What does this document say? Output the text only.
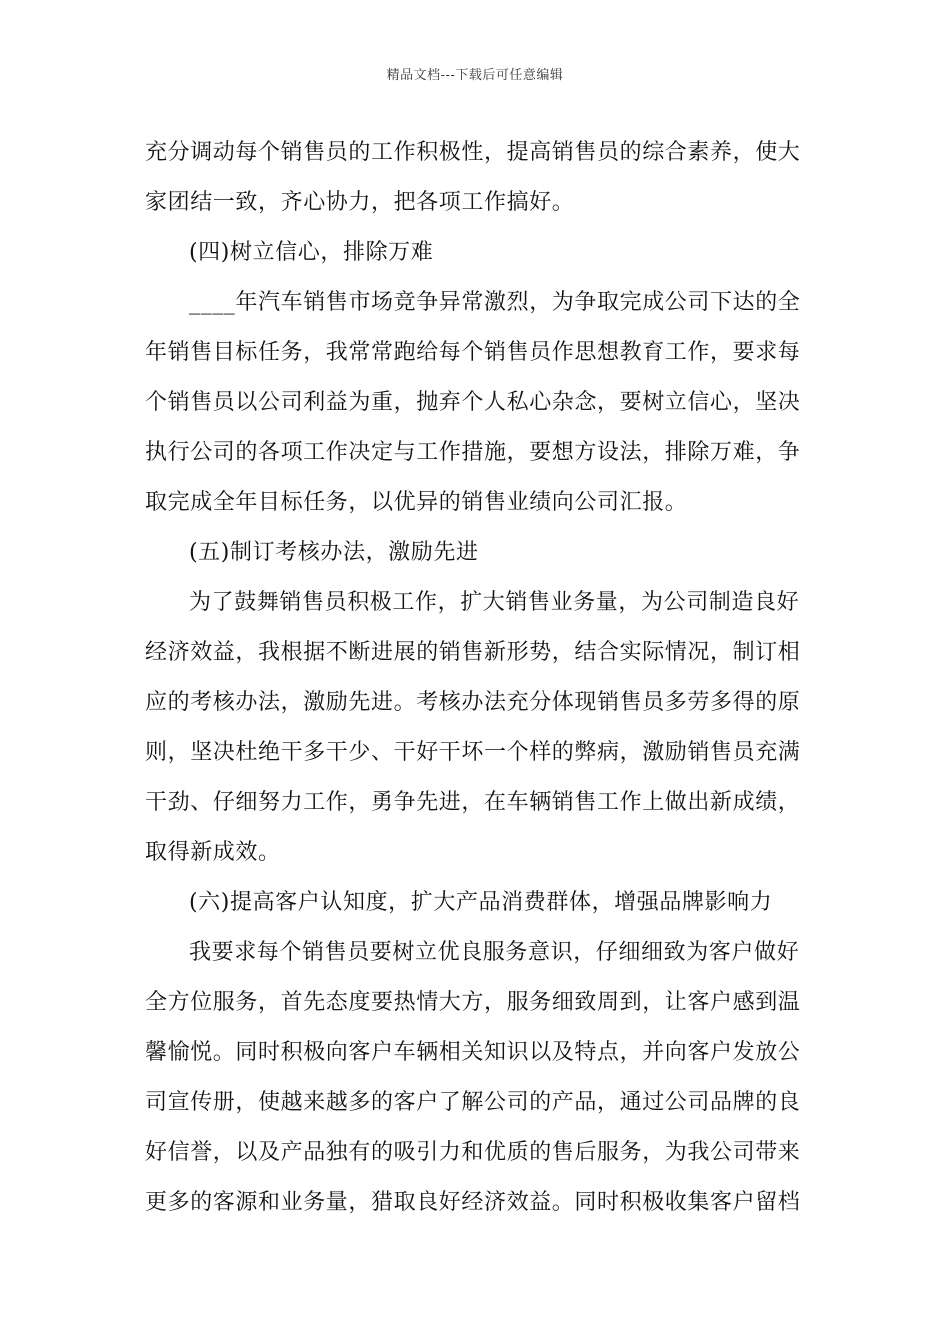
精品文档---下载后可任意编辑
充分调动每个销售员的工作积极性，提高销售员的综合素养，使大
家团结一致，齐心协力，把各项工作搞好。
(四)树立信心，排除万难
____年汽车销售市场竞争异常激烈，为争取完成公司下达的全
年销售目标任务，我常常跑给每个销售员作思想教育工作，要求每
个销售员以公司利益为重，抛弃个人私心杂念，要树立信心，坚决
执行公司的各项工作决定与工作措施，要想方设法，排除万难，争
取完成全年目标任务，以优异的销售业绩向公司汇报。
(五)制订考核办法，激励先进
为了鼓舞销售员积极工作，扩大销售业务量，为公司制造良好
经济效益，我根据不断进展的销售新形势，结合实际情况，制订相
应的考核办法，激励先进。考核办法充分体现销售员多劳多得的原
则，坚决杜绝干多干少、干好干坏一个样的弊病，激励销售员充满
干劲、仔细努力工作，勇争先进，在车辆销售工作上做出新成绩，
取得新成效。
(六)提高客户认知度，扩大产品消费群体，增强品牌影响力
我要求每个销售员要树立优良服务意识，仔细细致为客户做好
全方位服务，首先态度要热情大方，服务细致周到，让客户感到温
馨愉悦。同时积极向客户车辆相关知识以及特点，并向客户发放公
司宣传册，使越来越多的客户了解公司的产品，通过公司品牌的良
好信誉，以及产品独有的吸引力和优质的售后服务，为我公司带来
更多的客源和业务量，猎取良好经济效益。同时积极收集客户留档
